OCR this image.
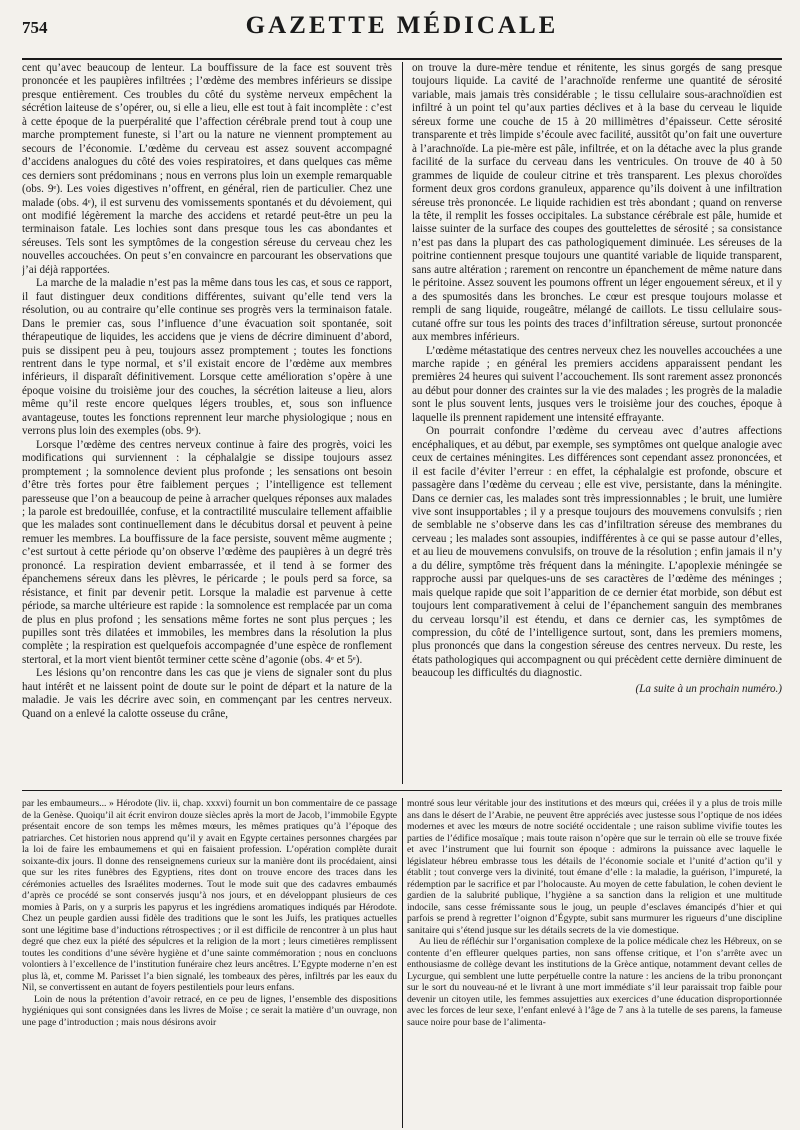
754	GAZETTE MÉDICALE

cent qu’avec beaucoup de lenteur. La bouffissure de la face est souvent très prononcée et les paupières infiltrées ; l’œdème des membres inférieurs se dissipe presque entièrement. Ces troubles du côté du système nerveux empêchent la sécrétion laiteuse de s’opérer, ou, si elle a lieu, elle est tout à fait incomplète : c’est à cette époque de la puerpéralité que l’affection cérébrale prend tout à coup une marche promptement funeste, si l’art ou la nature ne viennent promptement au secours de l’économie. L’œdème du cerveau est assez souvent accompagné d’accidens analogues du côté des voies respiratoires, et dans quelques cas même ces derniers sont prédominans ; nous en verrons plus loin un exemple remarquable (obs. 9ᵉ). Les voies digestives n’offrent, en général, rien de particulier. Chez une malade (obs. 4ᵉ), il est survenu des vomissements spontanés et du dévoiement, qui ont modifié légèrement la marche des accidens et retardé peut-être un peu la terminaison fatale. Les lochies sont dans presque tous les cas abondantes et séreuses. Tels sont les symptômes de la congestion séreuse du cerveau chez les nouvelles accouchées. On peut s’en convaincre en parcourant les observations que j’ai déjà rapportées.

La marche de la maladie n’est pas la même dans tous les cas, et sous ce rapport, il faut distinguer deux conditions différentes, suivant qu’elle tend vers la résolution, ou au contraire qu’elle continue ses progrès vers la terminaison fatale. Dans le premier cas, sous l’influence d’une évacuation soit spontanée, soit thérapeutique de liquides, les accidens que je viens de décrire diminuent d’abord, puis se dissipent peu à peu, toujours assez promptement ; toutes les fonctions rentrent dans le type normal, et s’il existait encore de l’œdème aux membres inférieurs, il disparaît définitivement. Lorsque cette amélioration s’opère à une époque voisine du troisième jour des couches, la sécrétion laiteuse a lieu, alors même qu’il reste encore quelques légers troubles, et, sous son influence avantageuse, toutes les fonctions reprennent leur marche physiologique ; nous en verrons plus loin des exemples (obs. 9ᵉ).

Lorsque l’œdème des centres nerveux continue à faire des progrès, voici les modifications qui surviennent : la céphalalgie se dissipe toujours assez promptement ; la somnolence devient plus profonde ; les sensations ont besoin d’être très fortes pour être faiblement perçues ; l’intelligence est tellement paresseuse que l’on a beaucoup de peine à arracher quelques réponses aux malades ; la parole est bredouillée, confuse, et la contractilité musculaire tellement affaiblie que les malades sont continuellement dans le décubitus dorsal et peuvent à peine remuer les membres. La bouffissure de la face persiste, souvent même augmente ; c’est surtout à cette période qu’on observe l’œdème des paupières à un degré très prononcé. La respiration devient embarrassée, et il tend à se former des épanchemens séreux dans les plèvres, le péricarde ; le pouls perd sa force, sa résistance, et finit par devenir petit. Lorsque la maladie est parvenue à cette période, sa marche ultérieure est rapide : la somnolence est remplacée par un coma de plus en plus profond ; les sensations même fortes ne sont plus perçues ; les pupilles sont très dilatées et immobiles, les membres dans la résolution la plus complète ; la respiration est quelquefois accompagnée d’une espèce de ronflement stertoral, et la mort vient bientôt terminer cette scène d’agonie (obs. 4ᵉ et 5ᵉ).

Les lésions qu’on rencontre dans les cas que je viens de signaler sont du plus haut intérêt et ne laissent point de doute sur le point de départ et la nature de la maladie. Je vais les décrire avec soin, en commençant par les centres nerveux. Quand on a enlevé la calotte osseuse du crâne,

on trouve la dure-mère tendue et rénitente, les sinus gorgés de sang presque toujours liquide. La cavité de l’arachnoïde renferme une quantité de sérosité variable, mais jamais très considérable ; le tissu cellulaire sous-arachnoïdien est infiltré à un point tel qu’aux parties déclives et à la base du cerveau le liquide séreux forme une couche de 15 à 20 millimètres d’épaisseur. Cette sérosité transparente et très limpide s’écoule avec facilité, aussitôt qu’on fait une ouverture à l’arachnoïde. La pie-mère est pâle, infiltrée, et on la détache avec la plus grande facilité de la surface du cerveau dans les ventricules. On trouve de 40 à 50 grammes de liquide de couleur citrine et très transparent. Les plexus choroïdes forment deux gros cordons granuleux, apparence qu’ils doivent à une infiltration séreuse très prononcée. Le liquide rachidien est très abondant ; quand on renverse la tête, il remplit les fosses occipitales. La substance cérébrale est pâle, humide et laisse suinter de la surface des coupes des gouttelettes de sérosité ; sa consistance n’est pas dans la plupart des cas pathologiquement diminuée. Les séreuses de la poitrine contiennent presque toujours une quantité variable de liquide transparent, sans autre altération ; rarement on rencontre un épanchement de même nature dans le péritoine. Assez souvent les poumons offrent un léger engouement séreux, et il y a des spumosités dans les bronches. Le cœur est presque toujours molasse et rempli de sang liquide, rougeâtre, mélangé de caillots. Le tissu cellulaire sous-cutané offre sur tous les points des traces d’infiltration séreuse, surtout prononcée aux membres inférieurs.

L’œdème métastatique des centres nerveux chez les nouvelles accouchées a une marche rapide ; en général les premiers accidens apparaissent pendant les premières 24 heures qui suivent l’accouchement. Ils sont rarement assez prononcés au début pour donner des craintes sur la vie des malades ; les progrès de la maladie sont le plus souvent lents, jusques vers le troisième jour des couches, époque à laquelle ils prennent rapidement une intensité effrayante.

On pourrait confondre l’œdème du cerveau avec d’autres affections encéphaliques, et au début, par exemple, ses symptômes ont quelque analogie avec ceux de certaines méningites. Les différences sont cependant assez prononcées, et il est facile d’éviter l’erreur : en effet, la céphalalgie est profonde, obscure et passagère dans l’œdème du cerveau ; elle est vive, persistante, dans la méningite. Dans ce dernier cas, les malades sont très impressionnables ; le bruit, une lumière vive sont insupportables ; il y a presque toujours des mouvemens convulsifs ; rien de semblable ne s’observe dans les cas d’infiltration séreuse des membranes du cerveau ; les malades sont assoupies, indifférentes à ce qui se passe autour d’elles, et au lieu de mouvemens convulsifs, on trouve de la résolution ; enfin jamais il n’y a du délire, symptôme très fréquent dans la méningite. L’apoplexie méningée se rapproche aussi par quelques-uns de ses caractères de l’œdème des méninges ; mais quelque rapide que soit l’apparition de ce dernier état morbide, son début est toujours lent comparativement à celui de l’épanchement sanguin des membranes du cerveau lorsqu’il est étendu, et dans ce dernier cas, les symptômes de compression, du côté de l’intelligence surtout, sont, dans les premiers momens, plus prononcés que dans la congestion séreuse des centres nerveux. Du reste, les états pathologiques qui accompagnent ou qui précèdent cette dernière diminuent de beaucoup les difficultés du diagnostic.

(La suite à un prochain numéro.)

par les embaumeurs... » Hérodote (liv. ii, chap. xxxvi) fournit un bon commentaire de ce passage de la Genèse. Quoiqu’il ait écrit environ douze siècles après la mort de Jacob, l’immobile Egypte présentait encore de son temps les mêmes mœurs, les mêmes pratiques qu’à l’époque des patriarches. Cet historien nous apprend qu’il y avait en Egypte certaines personnes chargées par la loi de faire les embaumemens et qui en faisaient profession. L’opération complète durait soixante-dix jours. Il donne des renseignemens curieux sur la manière dont ils procédaient, ainsi que sur les rites funèbres des Egyptiens, rites dont on trouve encore des traces dans les cérémonies actuelles des Israélites modernes. Tout le mode suit que des cadavres embaumés d’après ce procédé se sont conservés jusqu’à nos jours, et en développant plusieurs de ces momies à Paris, on y a surpris les papyrus et les ingrédiens aromatiques indiqués par Hérodote. Chez un peuple gardien aussi fidèle des traditions que le sont les Juifs, les pratiques actuelles sont une légitime base d’inductions rétrospectives ; or il est difficile de rencontrer à un plus haut degré que chez eux la piété des sépulcres et la religion de la mort ; leurs cimetières remplissent toutes les conditions d’une sévère hygiène et d’une sainte commémoration ; nous en concluons volontiers à l’excellence de l’institution funéraire chez leurs ancêtres. L’Egypte moderne n’en est plus là, et, comme M. Parisset l’a bien signalé, les tombeaux des pères, infiltrés par les eaux du Nil, se convertissent en autant de foyers pestilentiels pour leurs enfans.

Loin de nous la prétention d’avoir retracé, en ce peu de lignes, l’ensemble des dispositions hygiéniques qui sont consignées dans les livres de Moïse ; ce serait la matière d’un ouvrage, non une page d’introduction ; mais nous désirons avoir

montré sous leur véritable jour des institutions et des mœurs qui, créées il y a plus de trois mille ans dans le désert de l’Arabie, ne peuvent être appréciés avec justesse sous l’optique de nos idées modernes et avec les mœurs de notre société occidentale ; une raison sublime vivifie toutes les parties de l’édifice mosaïque ; mais toute raison n’opère que sur le terrain où elle se trouve fixée et avec l’instrument que lui fournit son époque : admirons la puissance avec laquelle le législateur hébreu embrasse tous les détails de l’économie sociale et l’unité d’action qu’il y établit ; tout converge vers la divinité, tout émane d’elle : la maladie, la guérison, l’impureté, la rédemption par le sacrifice et par l’holocauste. Au moyen de cette fabulation, le cohen devient le gardien de la salubrité publique, l’hygiène a sa sanction dans la religion et une multitude indocile, sans cesse frémissante sous le joug, un peuple d’esclaves émancipés d’hier et qui parfois se prend à regretter l’oignon d’Égypte, subit sans murmurer les rigueurs d’une discipline sanitaire qui s’étend jusque sur les détails secrets de la vie domestique.

Au lieu de réfléchir sur l’organisation complexe de la police médicale chez les Hébreux, on se contente d’en effleurer quelques parties, non sans offense critique, et l’on s’arrête avec un enthousiasme de collège devant les institutions de la Grèce antique, notamment devant celles de Lycurgue, qui semblent une lutte perpétuelle contre la nature : les anciens de la tribu prononçant sur le sort du nouveau-né et le livrant à une mort immédiate s’il leur paraissait trop faible pour devenir un citoyen utile, les femmes assujetties aux exercices d’une éducation disproportionnée avec les forces de leur sexe, l’enfant enlevé à l’âge de 7 ans à la tutelle de ses parens, la fameuse sauce noire pour base de l’alimenta-
